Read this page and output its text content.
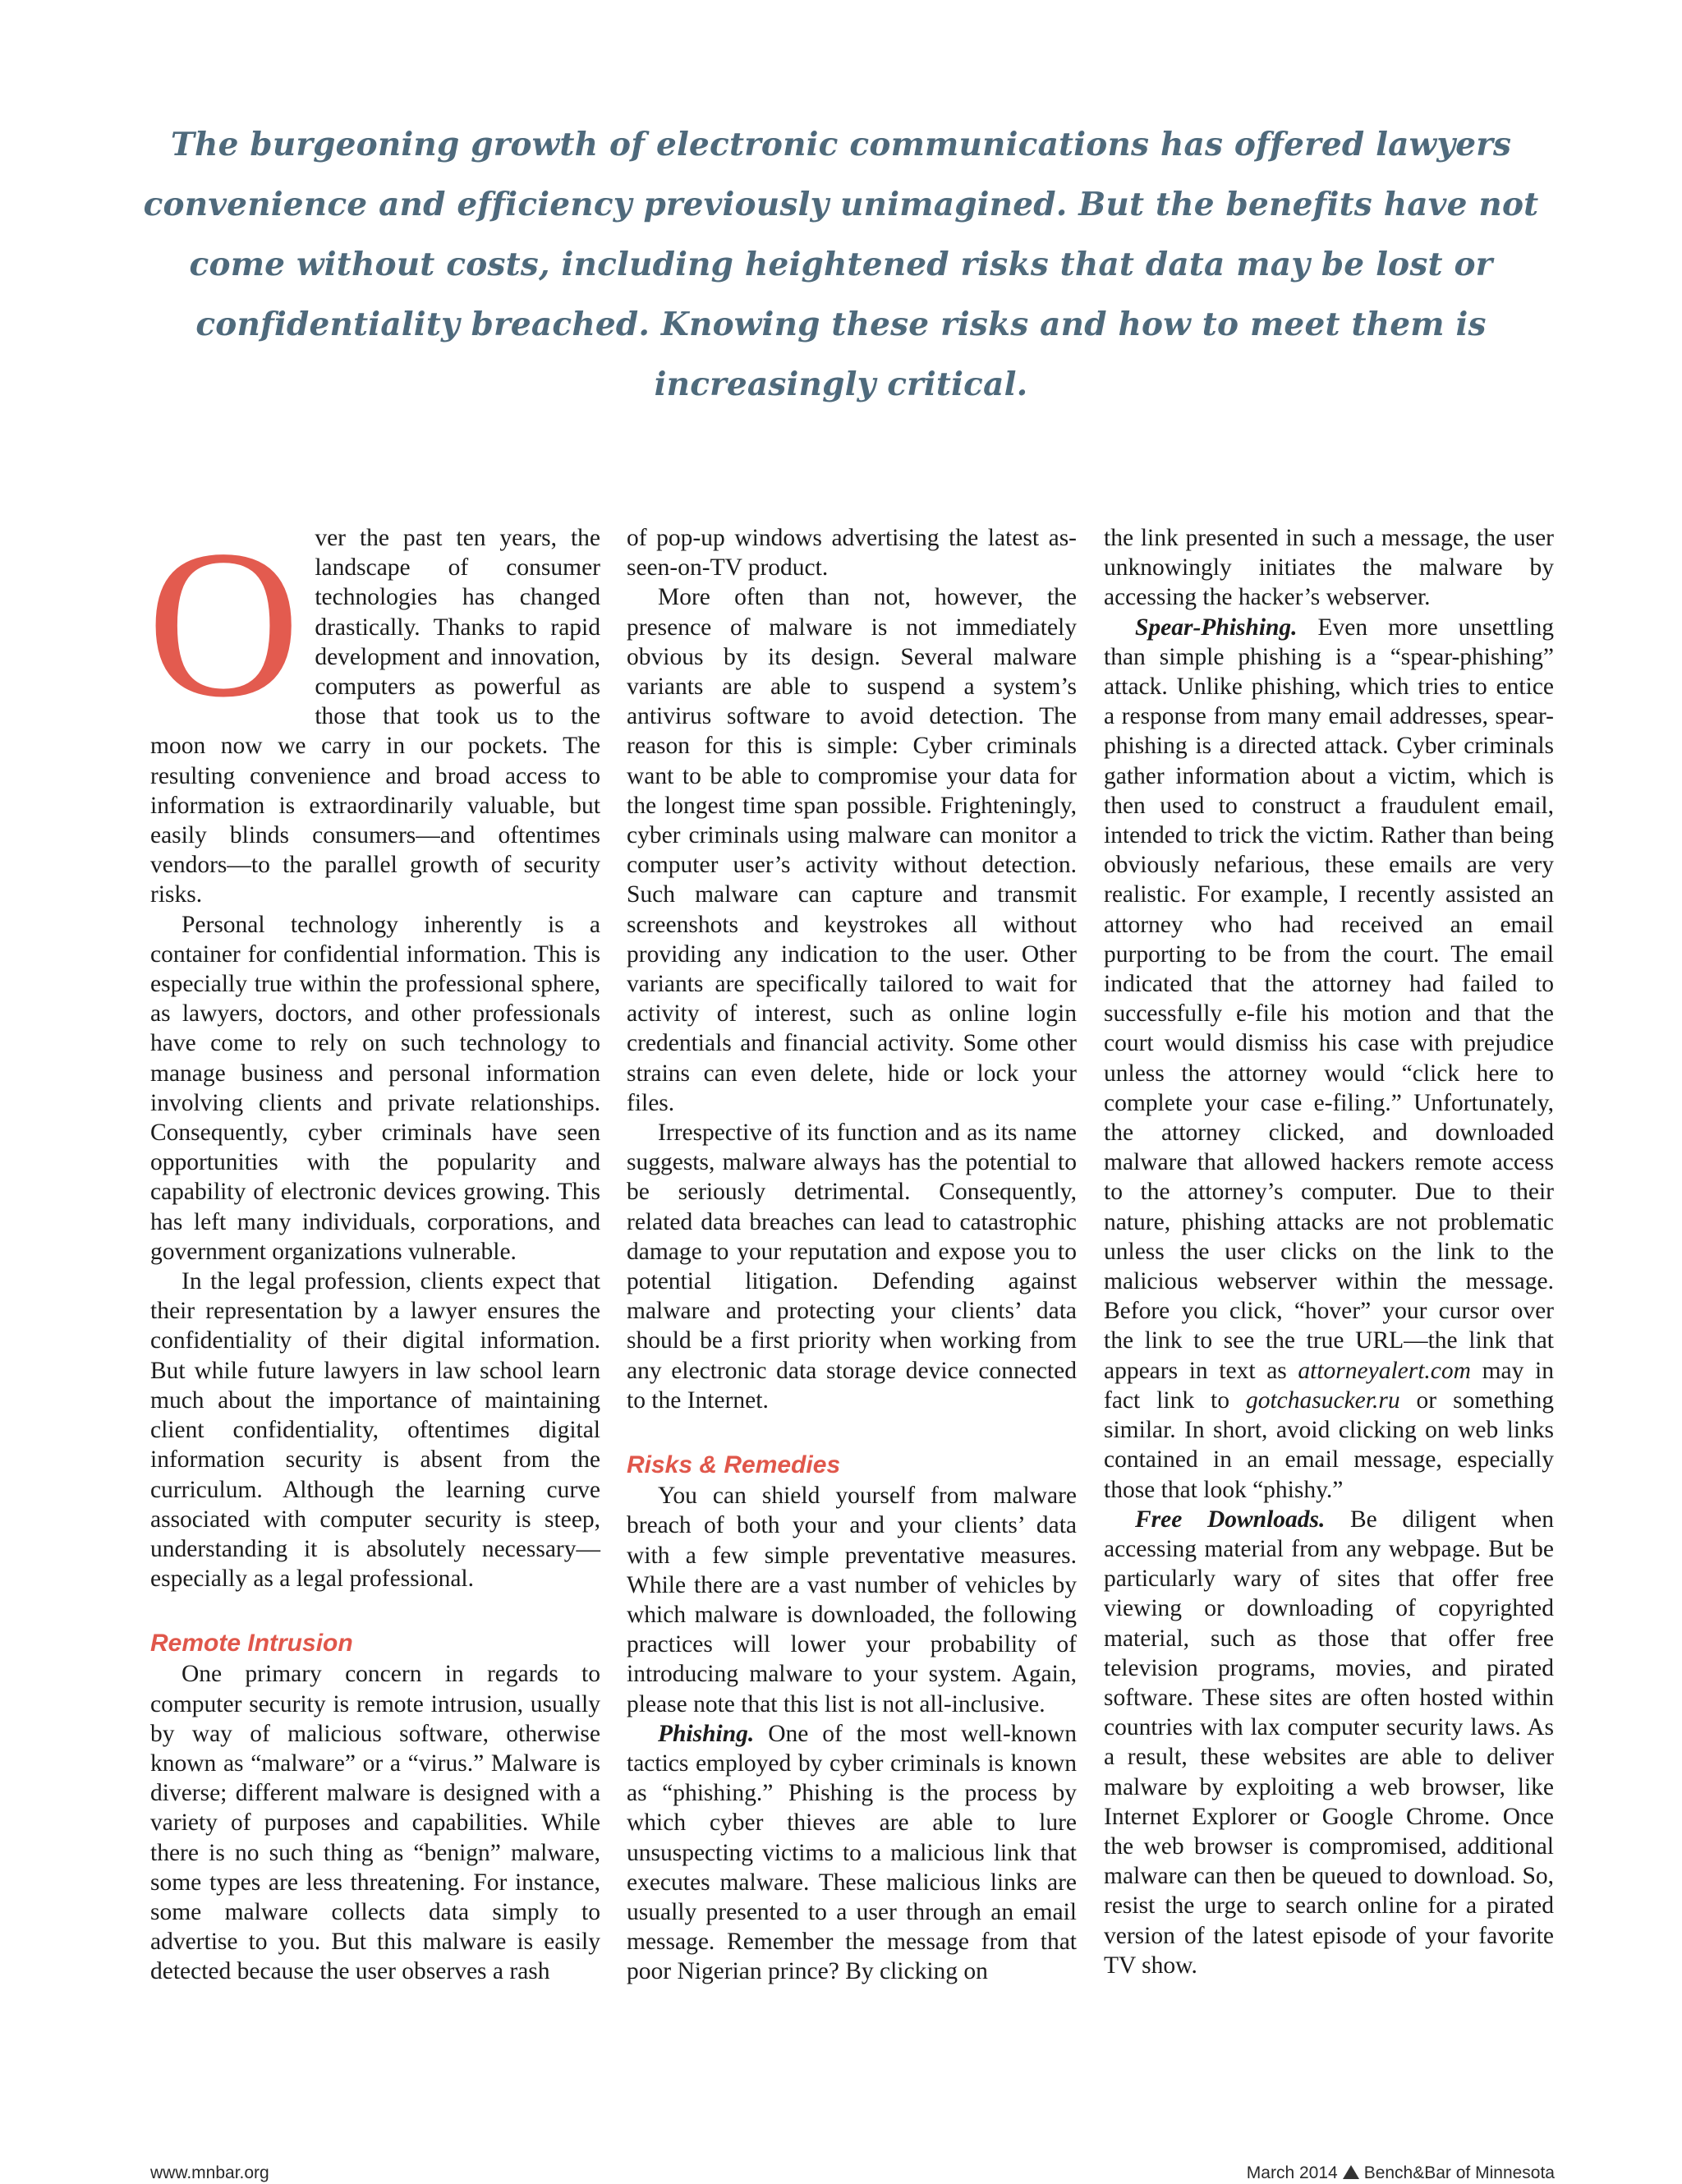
The burgeoning growth of electronic communications has offered lawyers convenience and efficiency previously unimagined. But the benefits have not come without costs, including heightened risks that data may be lost or confidentiality breached. Knowing these risks and how to meet them is increasingly critical.
O ver the past ten years, the landscape of consumer technologies has changed drastically. Thanks to rapid development and innovation, computers as powerful as those that took us to the moon now we carry in our pockets. The resulting convenience and broad access to information is extraordinarily valuable, but easily blinds consumers—and oftentimes vendors—to the parallel growth of security risks.

Personal technology inherently is a container for confidential information. This is especially true within the professional sphere, as lawyers, doctors, and other professionals have come to rely on such technology to manage business and personal information involving clients and private relationships. Consequently, cyber criminals have seen opportunities with the popularity and capability of electronic devices growing. This has left many individuals, corporations, and government organizations vulnerable.

In the legal profession, clients expect that their representation by a lawyer ensures the confidentiality of their digital information. But while future lawyers in law school learn much about the importance of maintaining client confidentiality, oftentimes digital information security is absent from the curriculum. Although the learning curve associated with computer security is steep, understanding it is absolutely necessary—especially as a legal professional.

Remote Intrusion

One primary concern in regards to computer security is remote intrusion, usually by way of malicious software, otherwise known as “malware” or a “virus.” Malware is diverse; different malware is designed with a variety of purposes and capabilities. While there is no such thing as “benign” malware, some types are less threatening. For instance, some malware collects data simply to advertise to you. But this malware is easily detected because the user observes a rash

of pop-up windows advertising the latest as-seen-on-TV product.

More often than not, however, the presence of malware is not immediately obvious by its design. Several malware variants are able to suspend a system’s antivirus software to avoid detection. The reason for this is simple: Cyber criminals want to be able to compromise your data for the longest time span possible. Frighteningly, cyber criminals using malware can monitor a computer user’s activity without detection. Such malware can capture and transmit screenshots and keystrokes all without providing any indication to the user. Other variants are specifically tailored to wait for activity of interest, such as online login credentials and financial activity. Some other strains can even delete, hide or lock your files.

Irrespective of its function and as its name suggests, malware always has the potential to be seriously detrimental. Consequently, related data breaches can lead to catastrophic damage to your reputation and expose you to potential litigation. Defending against malware and protecting your clients’ data should be a first priority when working from any electronic data storage device connected to the Internet.

Risks & Remedies

You can shield yourself from malware breach of both your and your clients’ data with a few simple preventative measures. While there are a vast number of vehicles by which malware is downloaded, the following practices will lower your probability of introducing malware to your system. Again, please note that this list is not all-inclusive.

Phishing. One of the most well-known tactics employed by cyber criminals is known as “phishing.” Phishing is the process by which cyber thieves are able to lure unsuspecting victims to a malicious link that executes malware. These malicious links are usually presented to a user through an email message. Remember the message from that poor Nigerian prince? By clicking on

the link presented in such a message, the user unknowingly initiates the malware by accessing the hacker’s webserver.

Spear-Phishing. Even more unsettling than simple phishing is a “spear-phishing” attack. Unlike phishing, which tries to entice a response from many email addresses, spear-phishing is a directed attack. Cyber criminals gather information about a victim, which is then used to construct a fraudulent email, intended to trick the victim. Rather than being obviously nefarious, these emails are very realistic. For example, I recently assisted an attorney who had received an email purporting to be from the court. The email indicated that the attorney had failed to successfully e-file his motion and that the court would dismiss his case with prejudice unless the attorney would “click here to complete your case e-filing.” Unfortunately, the attorney clicked, and downloaded malware that allowed hackers remote access to the attorney’s computer. Due to their nature, phishing attacks are not problematic unless the user clicks on the link to the malicious webserver within the message. Before you click, “hover” your cursor over the link to see the true URL—the link that appears in text as attorneyalert.com may in fact link to gotchasucker.ru or something similar. In short, avoid clicking on web links contained in an email message, especially those that look “phishy.”

Free Downloads. Be diligent when accessing material from any webpage. But be particularly wary of sites that offer free viewing or downloading of copyrighted material, such as those that offer free television programs, movies, and pirated software. These sites are often hosted within countries with lax computer security laws. As a result, these websites are able to deliver malware by exploiting a web browser, like Internet Explorer or Google Chrome. Once the web browser is compromised, additional malware can then be queued to download. So, resist the urge to search online for a pirated version of the latest episode of your favorite TV show.

www.mnbar.org	March 2014 Bench&Bar of Minnesota
